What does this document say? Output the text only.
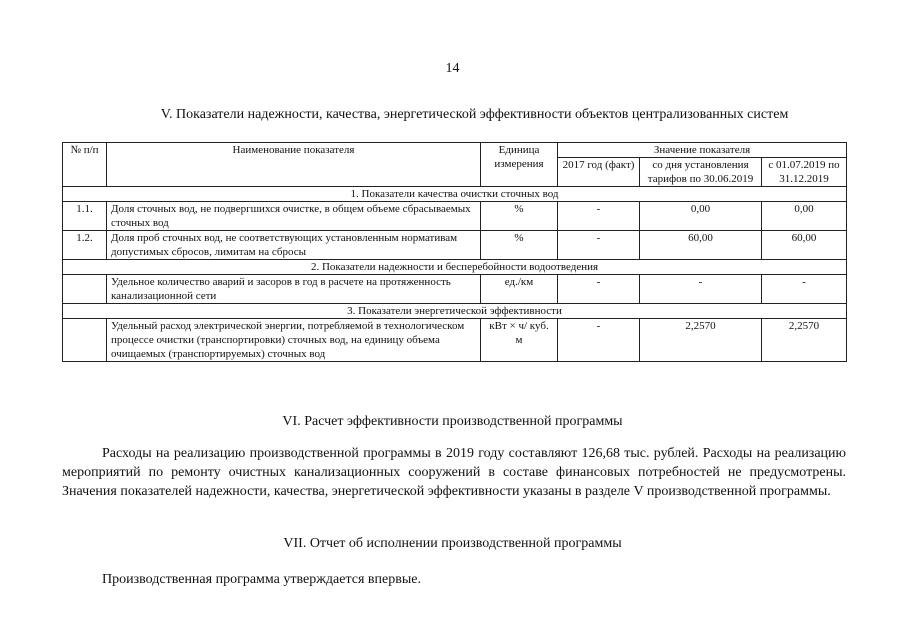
14
V. Показатели надежности, качества, энергетической эффективности объектов централизованных систем
№ п/п	Наименование показателя	Единица измерения	Значение показателя		
			2017 год (факт)	со дня установления тарифов по 30.06.2019	с 01.07.2019 по 31.12.2019
1. Показатели качества очистки сточных вод					
1.1.	Доля сточных вод, не подвергшихся очистке, в общем объеме сбрасываемых сточных вод	%	-	0,00	0,00
1.2.	Доля проб сточных вод, не соответствующих установленным нормативам допустимых сбросов, лимитам на сбросы	%	-	60,00	60,00
2. Показатели надежности и бесперебойности водоотведения					
	Удельное количество аварий и засоров в год в расчете на протяженность канализационной сети	ед./км	-	-	-
3. Показатели энергетической эффективности					
	Удельный расход электрической энергии, потребляемой в технологическом процессе очистки (транспортировки) сточных вод, на единицу объема очищаемых (транспортируемых) сточных вод	кВт × ч/ куб. м	-	2,2570	2,2570
VI. Расчет эффективности производственной программы

Расходы на реализацию производственной программы в 2019 году составляют 126,68 тыс. рублей. Расходы на реализацию мероприятий по ремонту очистных канализационных сооружений в составе финансовых потребностей не предусмотрены. Значения показателей надежности, качества, энергетической эффективности указаны в разделе V производственной программы.

VII. Отчет об исполнении производственной программы

Производственная программа утверждается впервые.
